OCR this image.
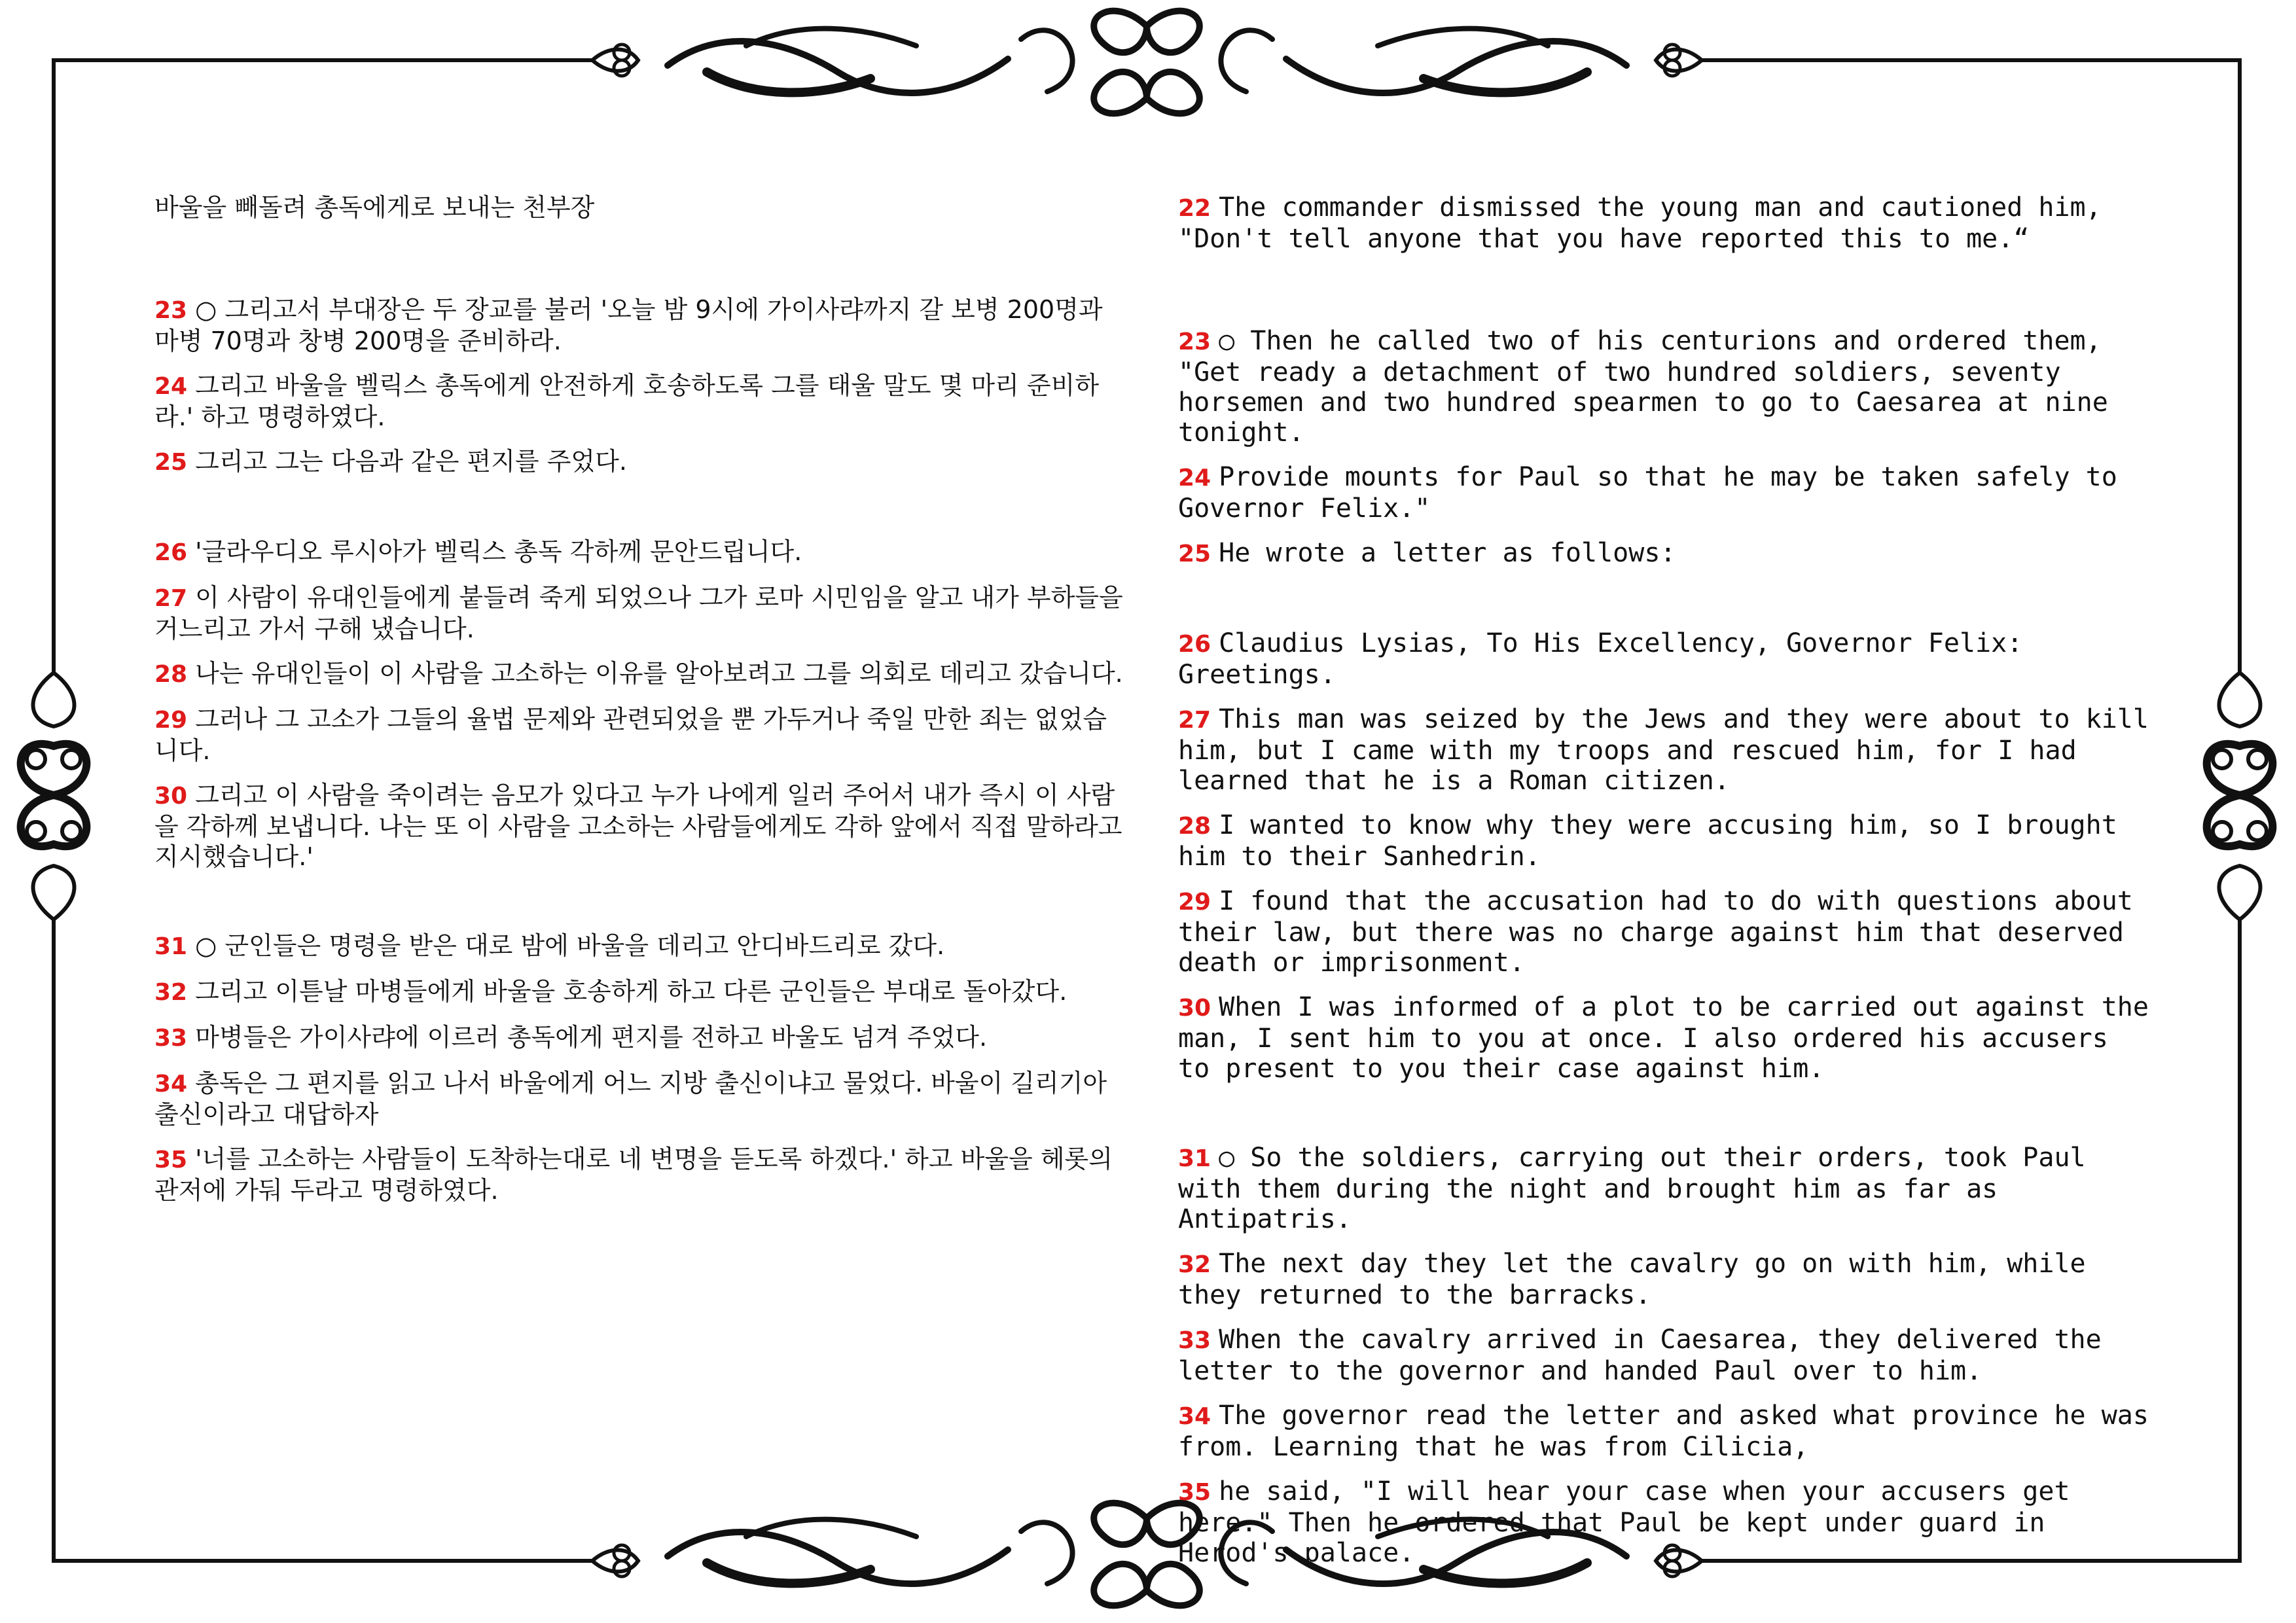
바울을 빼돌려 총독에게로 보내는 천부장

23 ○ 그리고서 부대장은 두 장교를 불러 '오늘 밤 9시에 가이사랴까지 갈 보병 200명과 마병 70명과 창병 200명을 준비하라.

24 그리고 바울을 벨릭스 총독에게 안전하게 호송하도록 그를 태울 말도 몇 마리 준비하라.' 하고 명령하였다.

25 그리고 그는 다음과 같은 편지를 주었다.

26 '글라우디오 루시아가 벨릭스 총독 각하께 문안드립니다.

27 이 사람이 유대인들에게 붙들려 죽게 되었으나 그가 로마 시민임을 알고 내가 부하들을 거느리고 가서 구해 냈습니다.

28 나는 유대인들이 이 사람을 고소하는 이유를 알아보려고 그를 의회로 데리고 갔습니다.

29 그러나 그 고소가 그들의 율법 문제와 관련되었을 뿐 가두거나 죽일 만한 죄는 없었습니다.

30 그리고 이 사람을 죽이려는 음모가 있다고 누가 나에게 일러 주어서 내가 즉시 이 사람을 각하께 보냅니다. 나는 또 이 사람을 고소하는 사람들에게도 각하 앞에서 직접 말하라고 지시했습니다.'

31 ○ 군인들은 명령을 받은 대로 밤에 바울을 데리고 안디바드리로 갔다.

32 그리고 이튿날 마병들에게 바울을 호송하게 하고 다른 군인들은 부대로 돌아갔다.

33 마병들은 가이사랴에 이르러 총독에게 편지를 전하고 바울도 넘겨 주었다.

34 총독은 그 편지를 읽고 나서 바울에게 어느 지방 출신이냐고 물었다. 바울이 길리기아 출신이라고 대답하자

35 '너를 고소하는 사람들이 도착하는대로 네 변명을 듣도록 하겠다.' 하고 바울을 헤롯의 관저에 가둬 두라고 명령하였다.

22 The commander dismissed the young man and cautioned him, "Don't tell anyone that you have reported this to me.“

23 ○ Then he called two of his centurions and ordered them, "Get ready a detachment of two hundred soldiers, seventy horsemen and two hundred spearmen to go to Caesarea at nine tonight.

24 Provide mounts for Paul so that he may be taken safely to Governor Felix."

25 He wrote a letter as follows:

26 Claudius Lysias, To His Excellency, Governor Felix: Greetings.

27 This man was seized by the Jews and they were about to kill him, but I came with my troops and rescued him, for I had learned that he is a Roman citizen.

28 I wanted to know why they were accusing him, so I brought him to their Sanhedrin.

29 I found that the accusation had to do with questions about their law, but there was no charge against him that deserved death or imprisonment.

30 When I was informed of a plot to be carried out against the man, I sent him to you at once. I also ordered his accusers to present to you their case against him.

31 ○ So the soldiers, carrying out their orders, took Paul with them during the night and brought him as far as Antipatris.

32 The next day they let the cavalry go on with him, while they returned to the barracks.

33 When the cavalry arrived in Caesarea, they delivered the letter to the governor and handed Paul over to him.

34 The governor read the letter and asked what province he was from. Learning that he was from Cilicia,

35 he said, "I will hear your case when your accusers get here." Then he ordered that Paul be kept under guard in Herod's palace.
